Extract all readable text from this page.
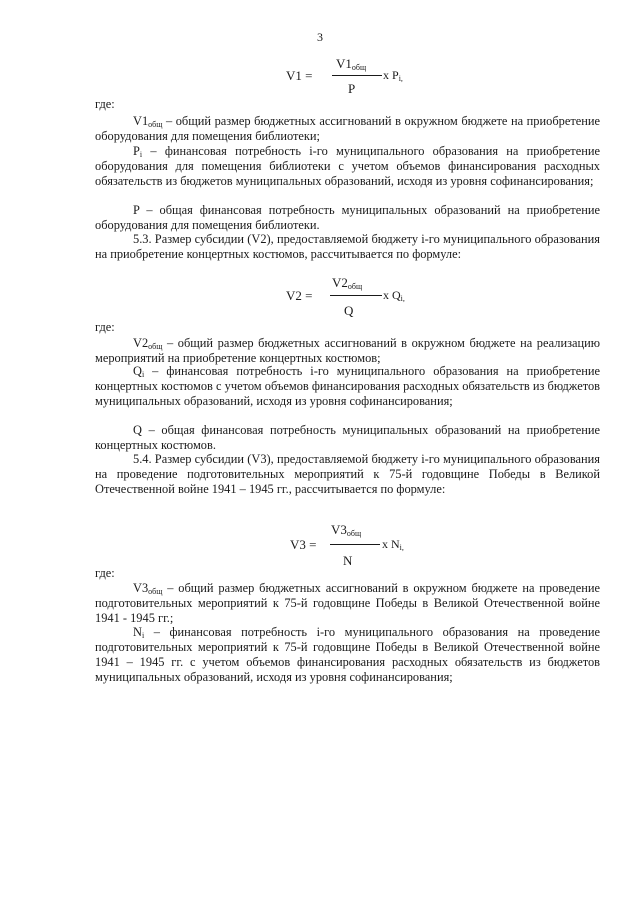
3
V1 =
$V1_{общ}$
x $P_{i,}$
P
где:

$V1_{общ}$ – общий размер бюджетных ассигнований в окружном бюджете на приобретение оборудования для помещения библиотеки;

$P_i$ – финансовая потребность i-го муниципального образования на приобретение оборудования для помещения библиотеки с учетом объемов финансирования расходных обязательств из бюджетов муниципальных образований, исходя из уровня софинансирования;

P – общая финансовая потребность муниципальных образований на приобретение оборудования для помещения библиотеки.

5.3. Размер субсидии (V2), предоставляемой бюджету i-го муниципального образования на приобретение концертных костюмов, рассчитывается по формуле:

V2 =
$V2_{общ}$
x $Q_{i,}$
Q
где:

$V2_{общ}$ – общий размер бюджетных ассигнований в окружном бюджете на реализацию мероприятий на приобретение концертных костюмов;

$Q_i$ – финансовая потребность i-го муниципального образования на приобретение концертных костюмов с учетом объемов финансирования расходных обязательств из бюджетов муниципальных образований, исходя из уровня софинансирования;

Q – общая финансовая потребность муниципальных образований на приобретение концертных костюмов.

5.4. Размер субсидии (V3), предоставляемой бюджету i-го муниципального образования на проведение подготовительных мероприятий к 75-й годовщине Победы в Великой Отечественной войне 1941 – 1945 гг., рассчитывается по формуле:

V3 =
$V3_{общ}$
x $N_{i,}$
N
где:

$V3_{общ}$ – общий размер бюджетных ассигнований в окружном бюджете на проведение подготовительных мероприятий к 75-й годовщине Победы в Великой Отечественной войне 1941 - 1945 гг.;

$N_i$ – финансовая потребность i-го муниципального образования на проведение подготовительных мероприятий к 75-й годовщине Победы в Великой Отечественной войне 1941 – 1945 гг. с учетом объемов финансирования расходных обязательств из бюджетов муниципальных образований, исходя из уровня софинансирования;
